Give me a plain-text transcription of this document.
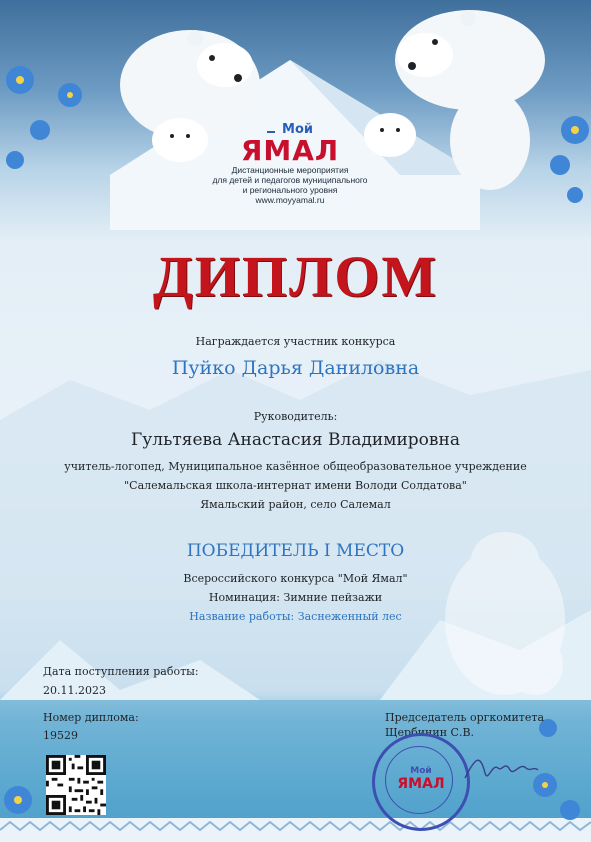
Мой
ЯМАЛ
Дистанционные мероприятия
для детей и педагогов муниципального
и регионального уровня
www.moyyamal.ru
ДИПЛОМ
Награждается участник конкурса
Пуйко Дарья Даниловна
Руководитель:
Гультяева Анастасия Владимировна
учитель-логопед, Муниципальное казённое общеобразовательное учреждение
"Салемальская школа-интернат имени Володи Солдатова"
Ямальский район, село Салемал
ПОБЕДИТЕЛЬ I МЕСТО
Всероссийского конкурса "Мой Ямал"
Номинация: Зимние пейзажи
Название работы: Заснеженный лес
Дата поступления работы:
20.11.2023
Номер диплома:
19529
Председатель оргкомитета
Щербинин С.В.
Мой
ЯМАЛ
